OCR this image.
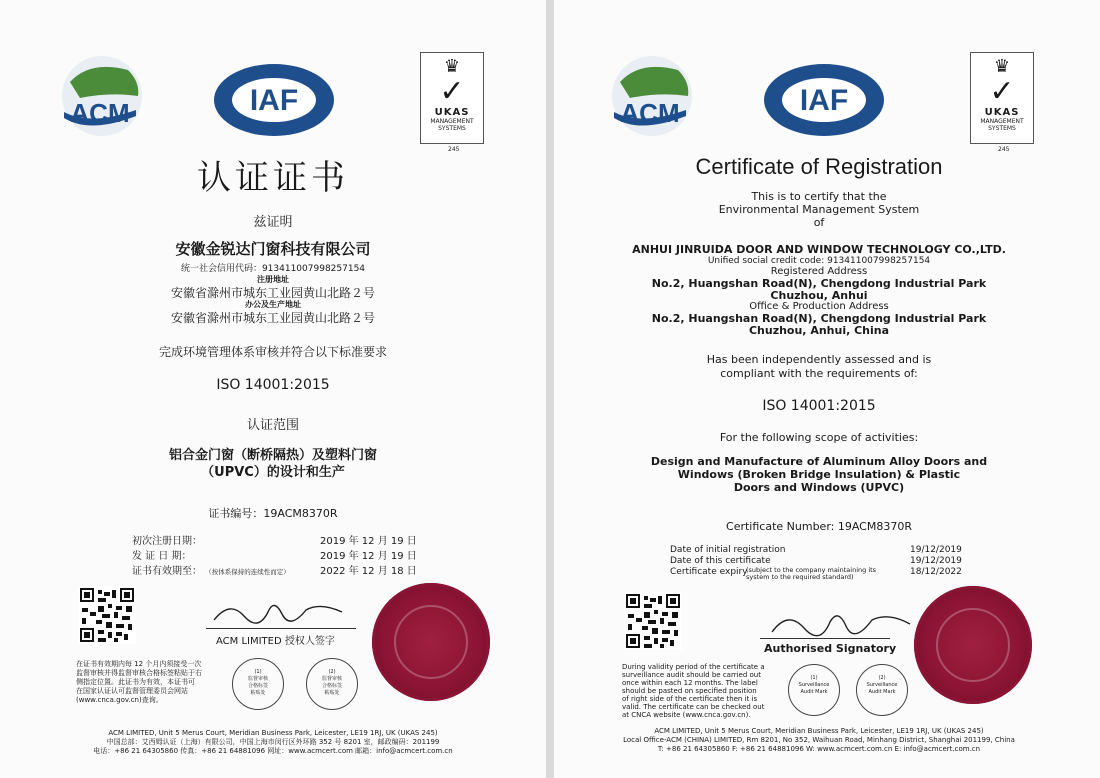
ACM	IAF
♛
✓
UKAS
MANAGEMENT SYSTEMS
245
认证证书
兹证明
安徽金锐达门窗科技有限公司
统一社会信用代码：913411007998257154
注册地址
安徽省滁州市城东工业园黄山北路２号
办公及生产地址
安徽省滁州市城东工业园黄山北路２号
完成环境管理体系审核并符合以下标准要求
ISO 14001:2015
认证范围
铝合金门窗（断桥隔热）及塑料门窗
（UPVC）的设计和生产
证书编号：19ACM8370R
初次注册日期：	2019 年 12 月 19 日
发 证 日 期：	2019 年 12 月 19 日
证书有效期至： （按体系保持的连续性而定）	2022 年 12 月 18 日
ACM LIMITED 授权人签字
在证书有效期内每 12 个月内须接受一次
监督审核并得监督审核合格标签粘贴于右
侧指定位置。此证书为有效，本证书可
在国家认证认可监督管理委员会网站
(www.cnca.gov.cn)查询。
(1)
监督审核
合格标签
粘贴处
(2)
监督审核
合格标签
粘贴处
ACM LIMITED, Unit 5 Merus Court, Meridian Business Park, Leicester, LE19 1RJ, UK (UKAS 245)
中国总部：艾西姆认证（上海）有限公司，中国上海市闵行区外环路 352 号 8201 室，邮政编码：201199
电话：+86 21 64305860 传真：+86 21 64881096 网址：www.acmcert.com 邮箱：info@acmcert.com.cn
ACM	IAF
♛
✓
UKAS
MANAGEMENT SYSTEMS
245
Certificate of Registration
This is to certify that the
Environmental Management System
of
ANHUI JINRUIDA DOOR AND WINDOW TECHNOLOGY CO.,LTD.
Unified social credit code: 913411007998257154
Registered Address
No.2, Huangshan Road(N), Chengdong Industrial Park
Chuzhou, Anhui
Office & Production Address
No.2, Huangshan Road(N), Chengdong Industrial Park
Chuzhou, Anhui, China
Has been independently assessed and is
compliant with the requirements of:
ISO 14001:2015
For the following scope of activities:
Design and Manufacture of Aluminum Alloy Doors and
Windows (Broken Bridge Insulation) & Plastic
Doors and Windows (UPVC)
Certificate Number: 19ACM8370R
Date of initial registration	19/12/2019
Date of this certificate	19/12/2019
Certificate expiry	18/12/2022
(subject to the company maintaining its system to the required standard)
Authorised Signatory
During validity period of the certificate a
surveillance audit should be carried out
once within each 12 months. The label
should be pasted on specified position
of right side of the certificate then it is
valid. The certificate can be checked out
at CNCA website (www.cnca.gov.cn).
(1)
Surveillance
Audit Mark
(2)
Surveillance
Audit Mark
ACM LIMITED, Unit 5 Merus Court, Meridian Business Park, Leicester, LE19 1RJ, UK (UKAS 245)
Local Office-ACM (CHINA) LIMITED, Rm 8201, No 352, Waihuan Road, Minhang District, Shanghai 201199, China
T: +86 21 64305860 F: +86 21 64881096 W: www.acmcert.com.cn E: info@acmcert.com.cn
